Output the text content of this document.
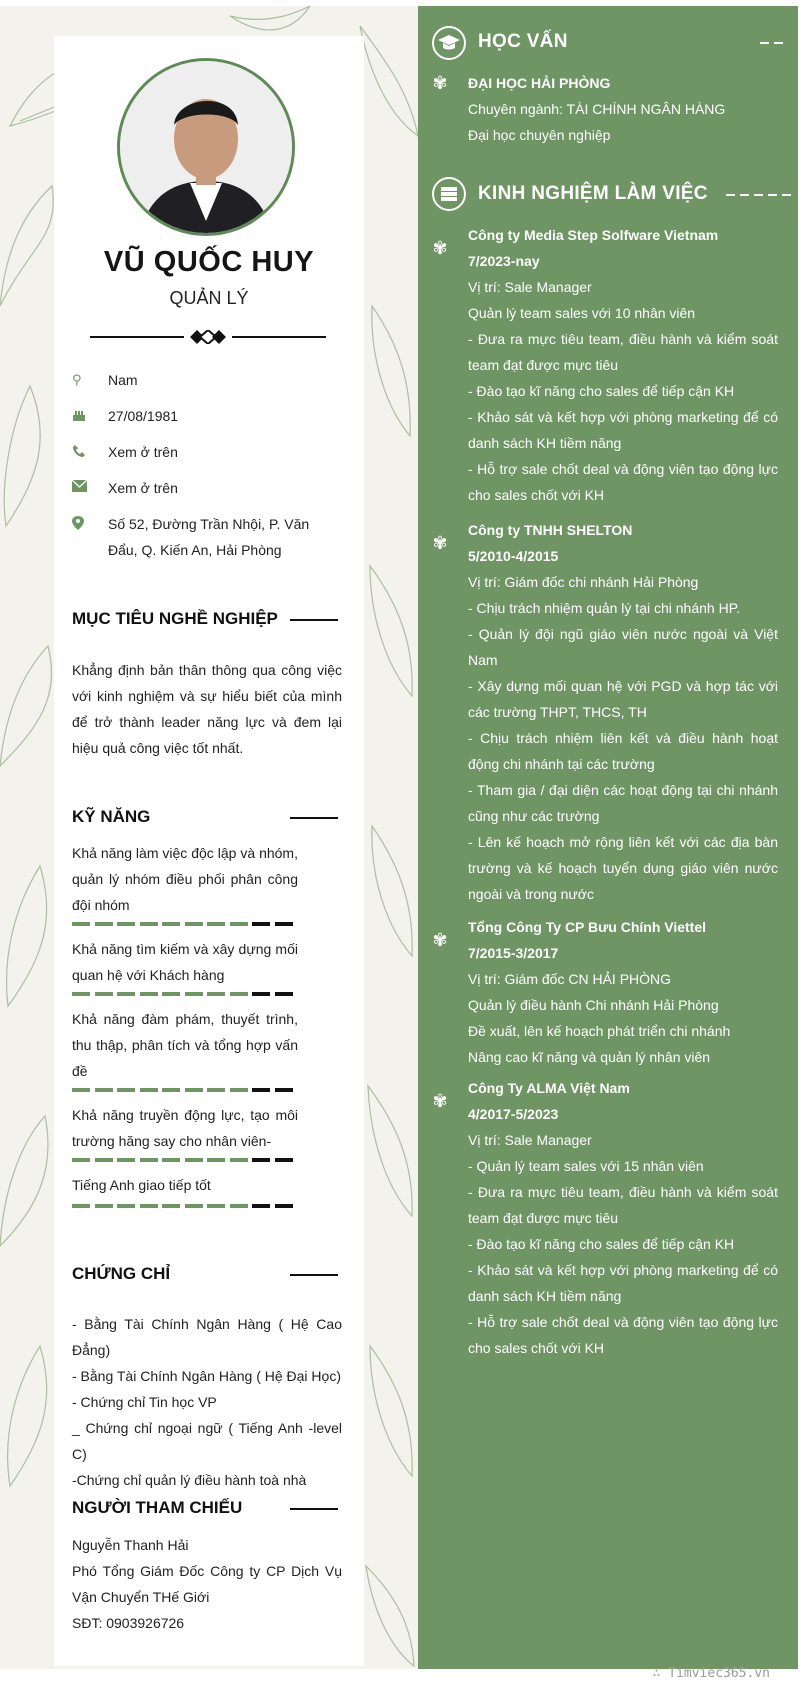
VŨ QUỐC HUY
QUẢN LÝ
⚲	Nam
27/08/1981
Xem ở trên
Xem ở trên
Số 52, Đường Trần Nhội, P. Văn Đẩu, Q. Kiến An, Hải Phòng
MỤC TIÊU NGHỀ NGHIỆP
Khẳng định bản thân thông qua công việc với kinh nghiệm và sự hiểu biết của mình để trở thành leader năng lực và đem lại hiệu quả công việc tốt nhất.
KỸ NĂNG
Khả năng làm việc độc lập và nhóm, quản lý nhóm điều phối phân công đội nhóm
Khả năng tìm kiếm và xây dựng mối quan hệ với Khách hàng
Khả năng đàm phám, thuyết trình, thu thập, phân tích và tổng hợp vấn đề
Khả năng truyền động lực, tạo môi trường hăng say cho nhân viên-
Tiếng Anh giao tiếp tốt
CHỨNG CHỈ
- Bằng Tài Chính Ngân Hàng ( Hệ Cao Đẳng)
- Bằng Tài Chính Ngân Hàng ( Hệ Đại Học)
- Chứng chỉ Tin học VP
_ Chứng chỉ ngoại ngữ ( Tiếng Anh -level C)
-Chứng chỉ quản lý điều hành toà nhà
NGƯỜI THAM CHIẾU
Nguyễn Thanh Hải
Phó Tổng Giám Đốc Công ty CP Dịch Vụ Vận Chuyển THế Giới
SĐT: 0903926726
HỌC VẤN
✾ ĐẠI HỌC HẢI PHÒNG
Chuyên ngành: TÀI CHÍNH NGÂN HÀNG
Đại học chuyên nghiệp
KINH NGHIỆM LÀM VIỆC
✾
Công ty Media Step Solfware Vietnam
7/2023-nay
Vị trí: Sale Manager
Quản lý team sales với 10 nhân viên
- Đưa ra mực tiêu team, điều hành và kiểm soát team đạt được mực tiêu
- Đào tạo kĩ năng cho sales để tiếp cận KH
- Khảo sát và kết hợp với phòng marketing để có danh sách KH tiềm năng
- Hỗ trợ sale chốt deal và động viên tạo động lực cho sales chốt với KH
✾
Công ty TNHH SHELTON
5/2010-4/2015
Vị trí: Giám đốc chi nhánh Hải Phòng
- Chịu trách nhiệm quản lý tại chi nhánh HP.
- Quản lý đội ngũ giáo viên nước ngoài và Việt Nam
- Xây dựng mối quan hệ với PGD và hợp tác với các trường THPT, THCS, TH
- Chịu trách nhiệm liên kết và điều hành hoạt động chi nhánh tại các trường
- Tham gia / đại diện các hoạt động tại chi nhánh cũng như các trường
- Lên kế hoạch mở rộng liên kết với các địa bàn trường và kế hoạch tuyển dụng giáo viên nước ngoài và trong nước
✾
Tổng Công Ty CP Bưu Chính Viettel
7/2015-3/2017
Vị trí: Giám đốc CN HẢI PHÒNG
Quản lý điều hành Chi nhánh Hải Phòng
Đề xuất, lên kế hoạch phát triển chi nhánh
Nâng cao kĩ năng và quản lý nhân viên
✾
Công Ty ALMA Việt Nam
4/2017-5/2023
Vị trí: Sale Manager
- Quản lý team sales với 15 nhân viên
- Đưa ra mực tiêu team, điều hành và kiểm soát team đạt được mực tiêu
- Đào tạo kĩ năng cho sales để tiếp cận KH
- Khảo sát và kết hợp với phòng marketing để có danh sách KH tiềm năng
- Hỗ trợ sale chốt deal và động viên tạo động lực cho sales chốt với KH
∴ Timviec365.vn
